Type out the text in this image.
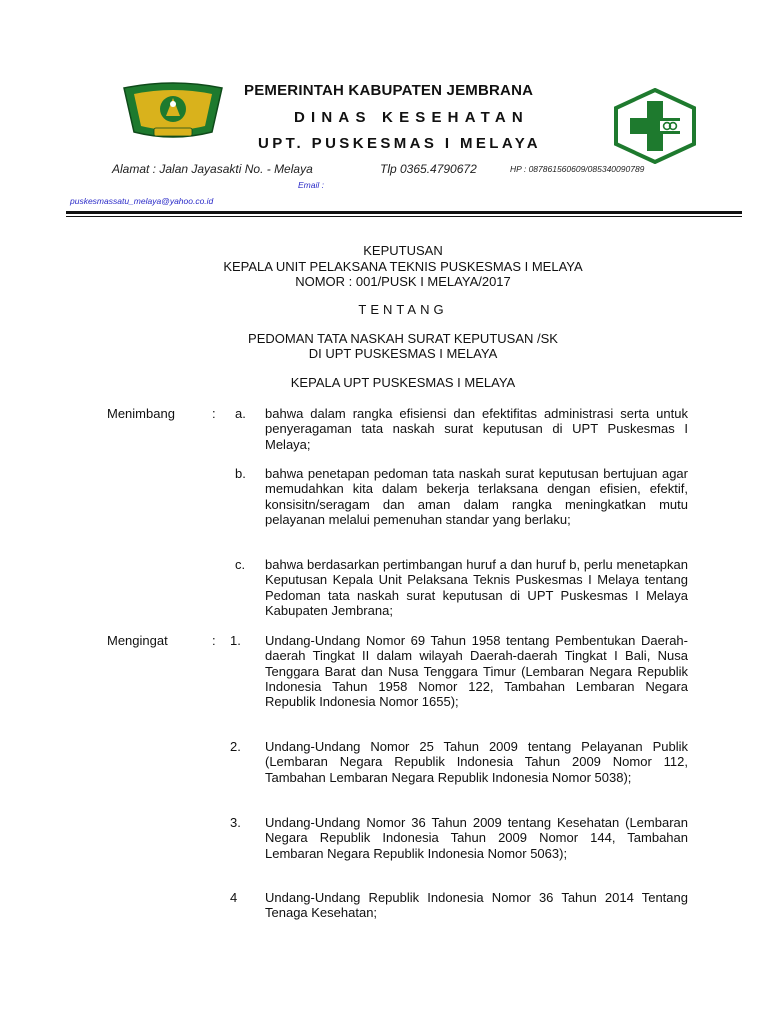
PEMERINTAH KABUPATEN JEMBRANA
DINAS KESEHATAN
UPT. PUSKESMAS I MELAYA
Alamat : Jalan Jayasakti No. - Melaya	Tlp 0365.4790672	HP : 087861560609/085340090789
Email :
puskesmassatu_melaya@yahoo.co.id
KEPUTUSAN
KEPALA UNIT PELAKSANA TEKNIS PUSKESMAS I MELAYA
NOMOR : 001/PUSK I MELAYA/2017
TENTANG
PEDOMAN TATA NASKAH SURAT KEPUTUSAN /SK
DI UPT PUSKESMAS I MELAYA
KEPALA UPT PUSKESMAS I MELAYA
Menimbang	: a. bahwa dalam rangka efisiensi dan efektifitas administrasi serta untuk penyeragaman tata naskah surat keputusan di UPT Puskesmas I Melaya;
b. bahwa penetapan pedoman tata naskah surat keputusan bertujuan agar memudahkan kita dalam bekerja terlaksana dengan efisien, efektif, konsisitn/seragam dan aman dalam rangka meningkatkan mutu pelayanan melalui pemenuhan standar yang berlaku;
c. bahwa berdasarkan pertimbangan huruf a dan huruf b, perlu menetapkan Keputusan Kepala Unit Pelaksana Teknis Puskesmas I Melaya tentang Pedoman tata naskah surat keputusan di UPT Puskesmas I Melaya Kabupaten Jembrana;
Mengingat	: 1. Undang-Undang Nomor 69 Tahun 1958 tentang Pembentukan Daerah-daerah Tingkat II dalam wilayah Daerah-daerah Tingkat I Bali, Nusa Tenggara Barat dan Nusa Tenggara Timur (Lembaran Negara Republik Indonesia Tahun 1958 Nomor 122, Tambahan Lembaran Negara Republik Indonesia Nomor 1655);
2. Undang-Undang Nomor 25 Tahun 2009 tentang Pelayanan Publik (Lembaran Negara Republik Indonesia Tahun 2009 Nomor 112, Tambahan Lembaran Negara Republik Indonesia Nomor 5038);
3. Undang-Undang Nomor 36 Tahun 2009 tentang Kesehatan (Lembaran Negara Republik Indonesia Tahun 2009 Nomor 144, Tambahan Lembaran Negara Republik Indonesia Nomor 5063);
4 Undang-Undang Republik Indonesia Nomor 36 Tahun 2014 Tentang Tenaga Kesehatan;
